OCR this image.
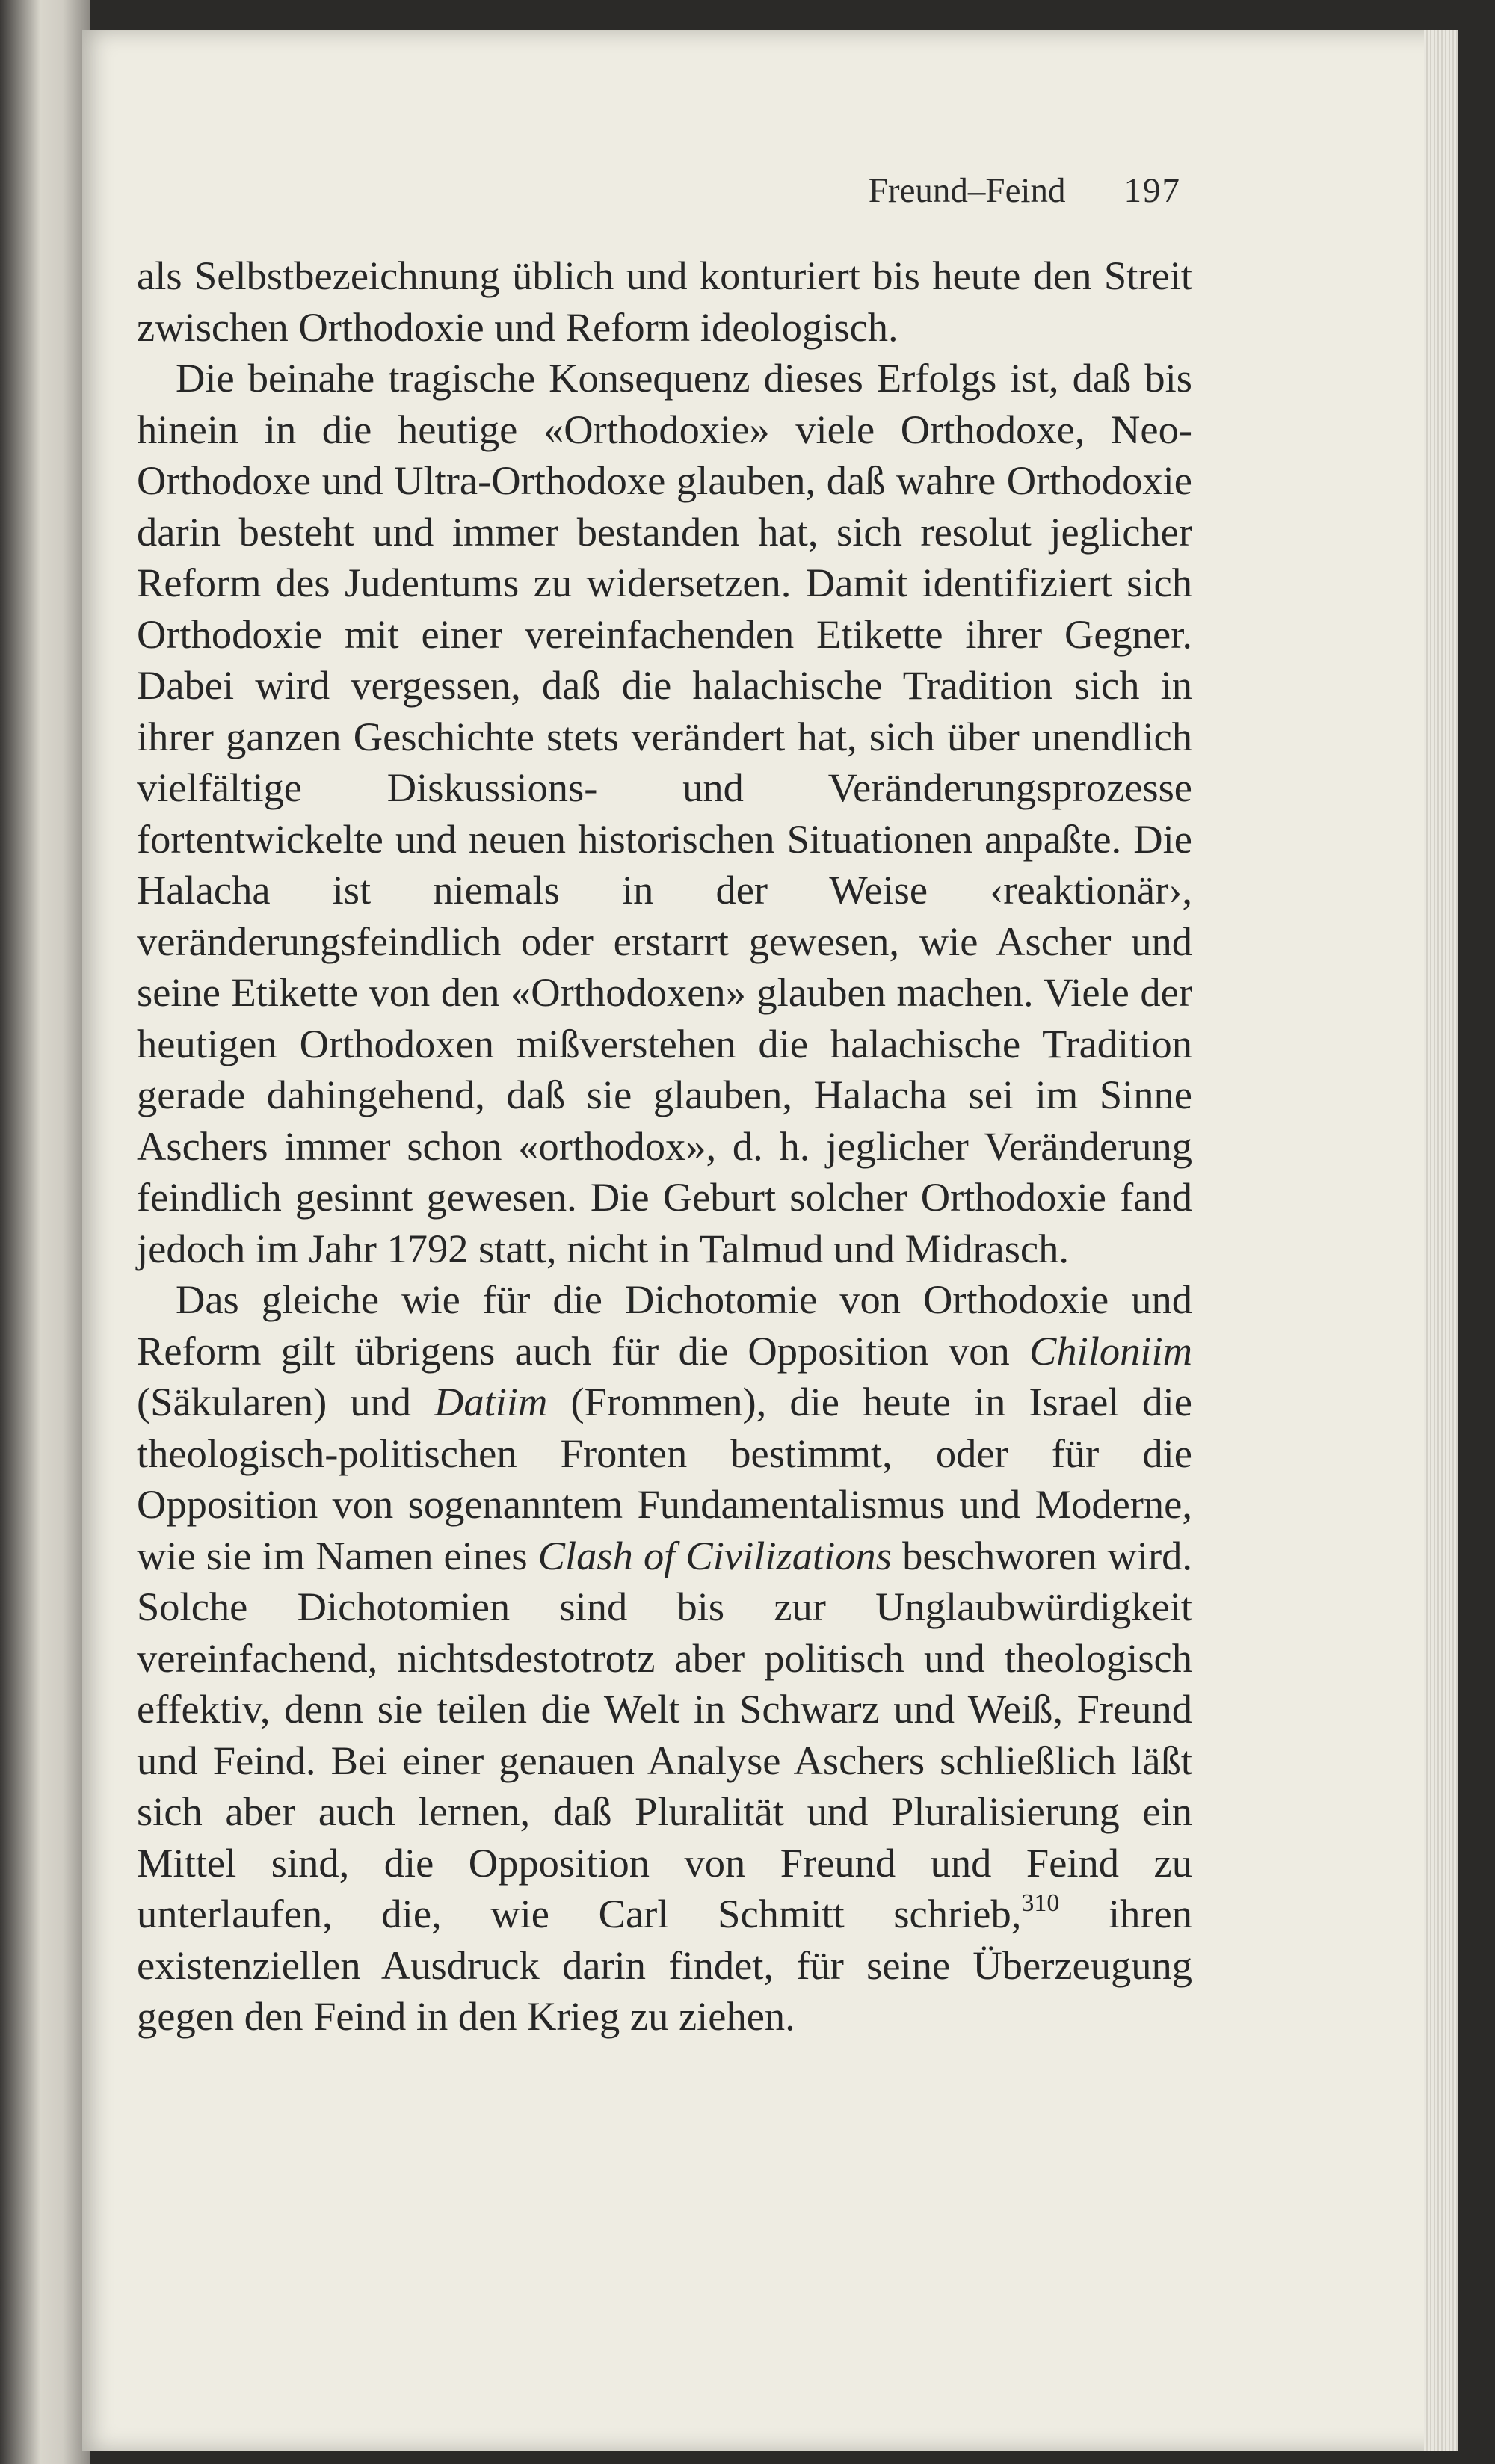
Freund–Feind 197

als Selbstbezeichnung üblich und konturiert bis heute den Streit zwischen Orthodoxie und Reform ideologisch.

Die beinahe tragische Konsequenz dieses Erfolgs ist, daß bis hinein in die heutige «Orthodoxie» viele Orthodoxe, Neo-Orthodoxe und Ultra-Orthodoxe glauben, daß wahre Orthodoxie darin besteht und immer bestanden hat, sich resolut jeglicher Reform des Judentums zu widersetzen. Damit identifiziert sich Orthodoxie mit einer vereinfachenden Etikette ihrer Gegner. Dabei wird vergessen, daß die halachische Tradition sich in ihrer ganzen Geschichte stets verändert hat, sich über unendlich vielfältige Diskussions- und Veränderungsprozesse fortentwickelte und neuen historischen Situationen anpaßte. Die Halacha ist niemals in der Weise ‹reaktionär›, veränderungsfeindlich oder erstarrt gewesen, wie Ascher und seine Etikette von den «Orthodoxen» glauben machen. Viele der heutigen Orthodoxen mißverstehen die halachische Tradition gerade dahingehend, daß sie glauben, Halacha sei im Sinne Aschers immer schon «orthodox», d. h. jeglicher Veränderung feindlich gesinnt gewesen. Die Geburt solcher Orthodoxie fand jedoch im Jahr 1792 statt, nicht in Talmud und Midrasch.

Das gleiche wie für die Dichotomie von Orthodoxie und Reform gilt übrigens auch für die Opposition von Chiloniim (Säkularen) und Datiim (Frommen), die heute in Israel die theologisch-politischen Fronten bestimmt, oder für die Opposition von sogenanntem Fundamentalismus und Moderne, wie sie im Namen eines Clash of Civilizations beschworen wird. Solche Dichotomien sind bis zur Unglaubwürdigkeit vereinfachend, nichtsdestotrotz aber politisch und theologisch effektiv, denn sie teilen die Welt in Schwarz und Weiß, Freund und Feind. Bei einer genauen Analyse Aschers schließlich läßt sich aber auch lernen, daß Pluralität und Pluralisierung ein Mittel sind, die Opposition von Freund und Feind zu unterlaufen, die, wie Carl Schmitt schrieb,$^{310}$ ihren existenziellen Ausdruck darin findet, für seine Überzeugung gegen den Feind in den Krieg zu ziehen.
